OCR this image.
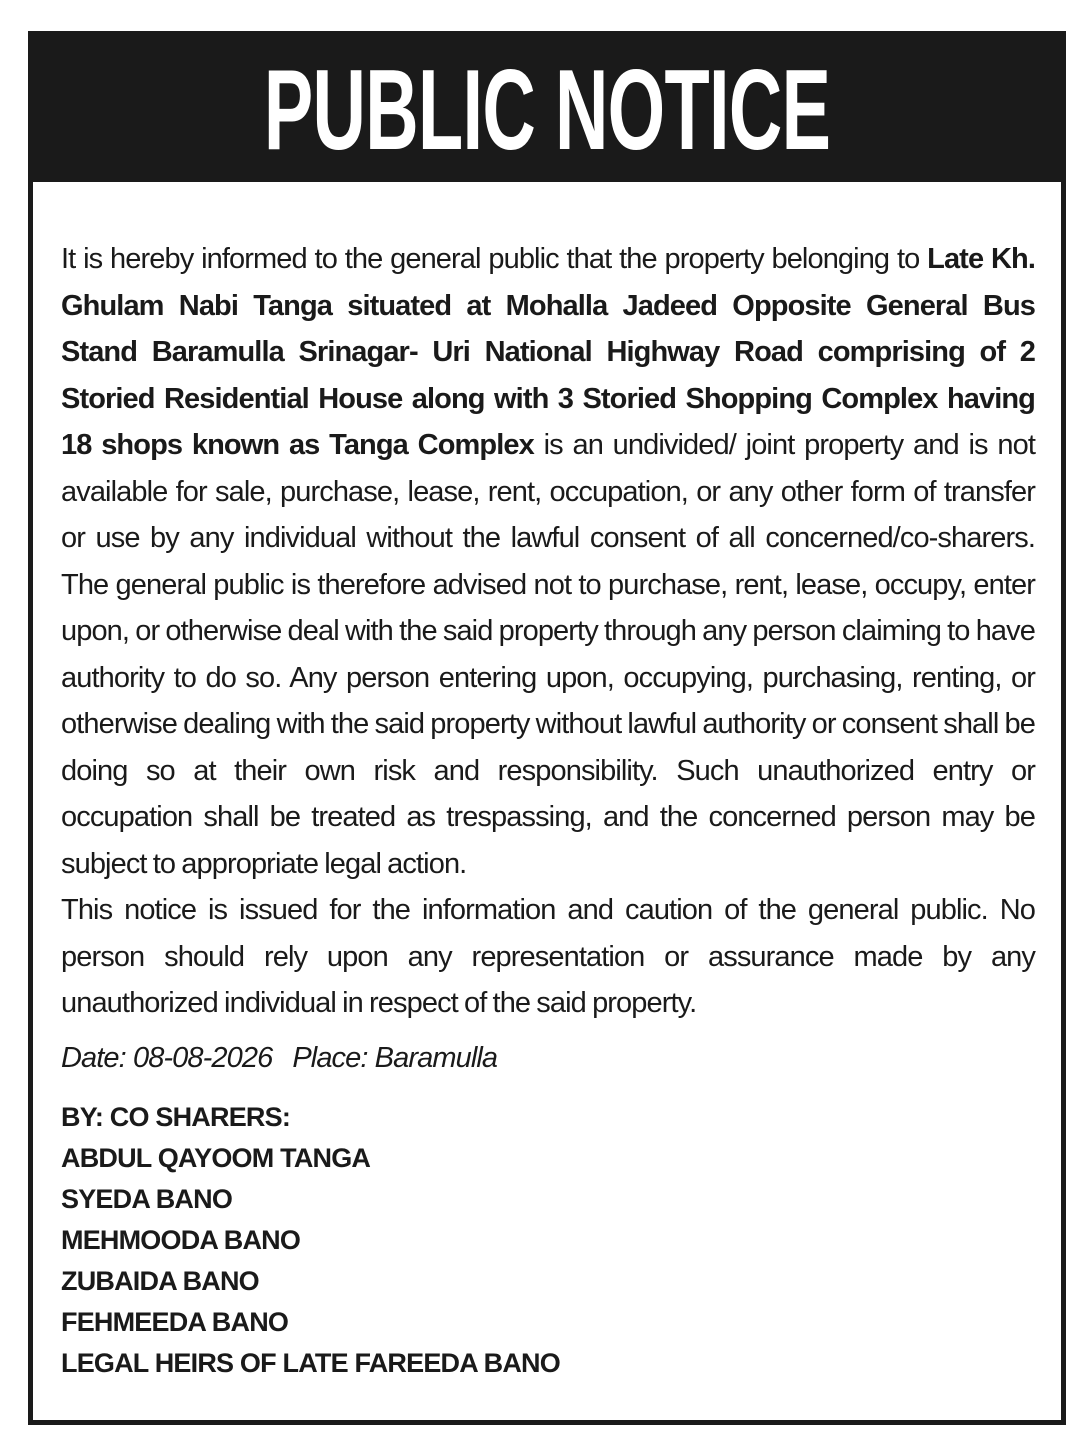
PUBLIC NOTICE

It is hereby informed to the general public that the property belonging to Late Kh. Ghulam Nabi Tanga situated at Mohalla Jadeed Opposite General Bus Stand Baramulla Srinagar- Uri National Highway Road comprising of 2 Storied Residential House along with 3 Storied Shopping Complex having 18 shops known as Tanga Complex is an undivided/ joint property and is not available for sale, purchase, lease, rent, occupation, or any other form of transfer or use by any individual without the lawful consent of all concerned/co-sharers. The general public is therefore advised not to purchase, rent, lease, occupy, enter upon, or otherwise deal with the said property through any person claiming to have authority to do so. Any person entering upon, occupying, purchasing, renting, or otherwise dealing with the said property without lawful authority or consent shall be doing so at their own risk and responsibility. Such unauthorized entry or occupation shall be treated as trespassing, and the concerned person may be subject to appropriate legal action.

This notice is issued for the information and caution of the general public. No person should rely upon any representation or assurance made by any unauthorized individual in respect of the said property.

Date: 08-08-2026 Place: Baramulla
BY: CO SHARERS:
ABDUL QAYOOM TANGA
SYEDA BANO
MEHMOODA BANO
ZUBAIDA BANO
FEHMEEDA BANO
LEGAL HEIRS OF LATE FAREEDA BANO
